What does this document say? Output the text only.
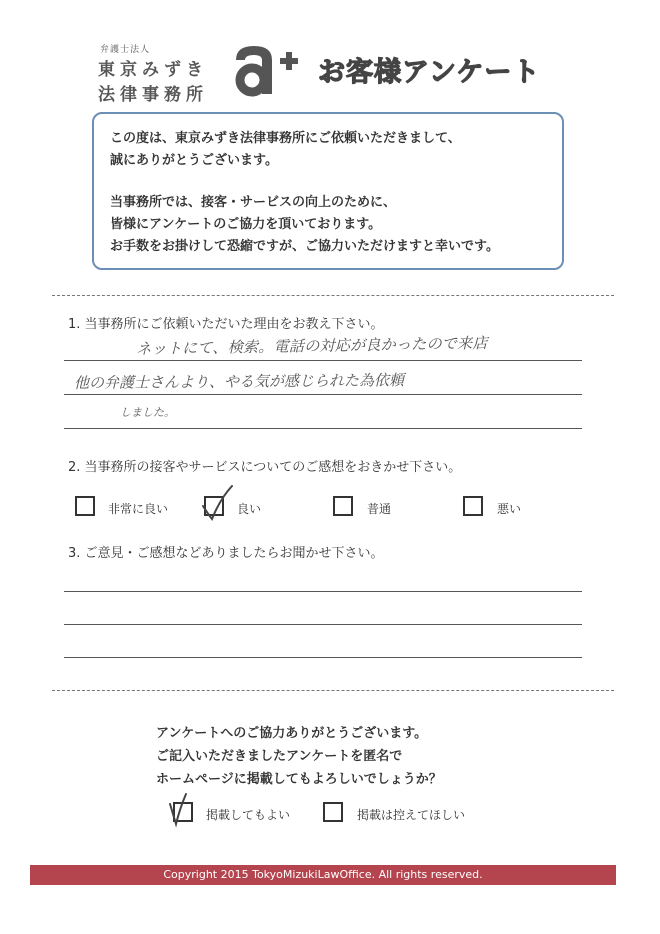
弁護士法人
東京みずき
法律事務所
お客様アンケート
この度は、東京みずき法律事務所にご依頼いただきまして、
誠にありがとうございます。
当事務所では、接客・サービスの向上のために、
皆様にアンケートのご協力を頂いております。
お手数をお掛けして恐縮ですが、ご協力いただけますと幸いです。
1. 当事務所にご依頼いただいた理由をお教え下さい。
ネットにて、検索。電話の対応が良かったので来店
他の弁護士さんより、やる気が感じられた為依頼
しました。
2. 当事務所の接客やサービスについてのご感想をおきかせ下さい。
非常に良い	良い	普通	悪い
3. ご意見・ご感想などありましたらお聞かせ下さい。
アンケートへのご協力ありがとうございます。
ご記入いただきましたアンケートを匿名で
ホームページに掲載してもよろしいでしょうか？
掲載してもよい	掲載は控えてほしい
Copyright 2015 TokyoMizukiLawOffice. All rights reserved.
